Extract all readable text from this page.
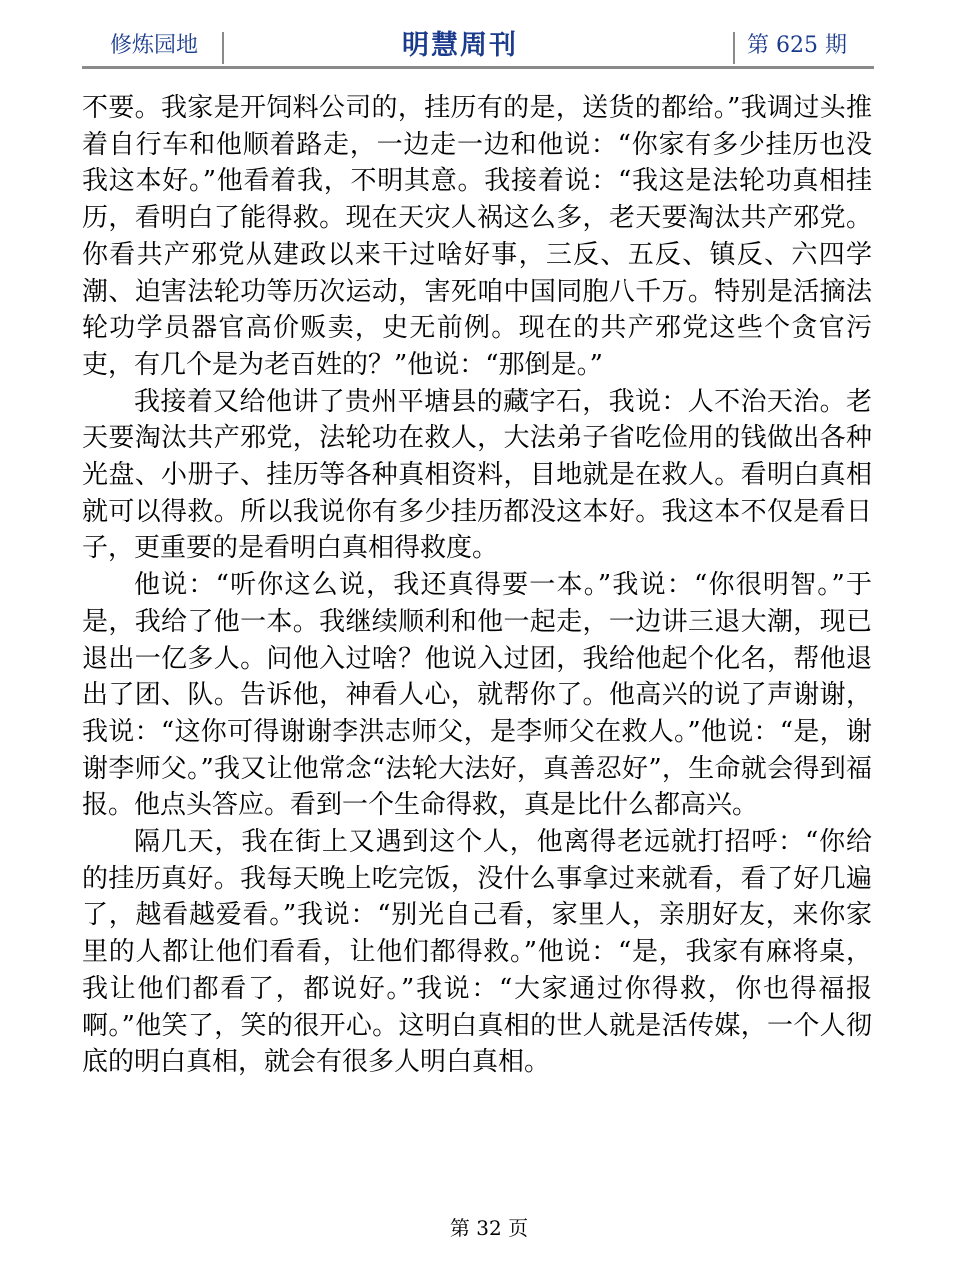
修炼园地	明慧周刊	第 625 期

不要。我家是开饲料公司的，挂历有的是，送货的都给。”我调过头推着自行车和他顺着路走，一边走一边和他说：“你家有多少挂历也没我这本好。”他看着我，不明其意。我接着说：“我这是法轮功真相挂历，看明白了能得救。现在天灾人祸这么多，老天要淘汰共产邪党。你看共产邪党从建政以来干过啥好事，三反、五反、镇反、六四学潮、迫害法轮功等历次运动，害死咱中国同胞八千万。特别是活摘法轮功学员器官高价贩卖，史无前例。现在的共产邪党这些个贪官污吏，有几个是为老百姓的？”他说：“那倒是。”

我接着又给他讲了贵州平塘县的藏字石，我说：人不治天治。老天要淘汰共产邪党，法轮功在救人，大法弟子省吃俭用的钱做出各种光盘、小册子、挂历等各种真相资料，目地就是在救人。看明白真相就可以得救。所以我说你有多少挂历都没这本好。我这本不仅是看日子，更重要的是看明白真相得救度。

他说：“听你这么说，我还真得要一本。”我说：“你很明智。”于是，我给了他一本。我继续顺利和他一起走，一边讲三退大潮，现已退出一亿多人。问他入过啥？他说入过团，我给他起个化名，帮他退出了团、队。告诉他，神看人心，就帮你了。他高兴的说了声谢谢，我说：“这你可得谢谢李洪志师父，是李师父在救人。”他说：“是，谢谢李师父。”我又让他常念“法轮大法好，真善忍好”，生命就会得到福报。他点头答应。看到一个生命得救，真是比什么都高兴。

隔几天，我在街上又遇到这个人，他离得老远就打招呼：“你给的挂历真好。我每天晚上吃完饭，没什么事拿过来就看，看了好几遍了，越看越爱看。”我说：“别光自己看，家里人，亲朋好友，来你家里的人都让他们看看，让他们都得救。”他说：“是，我家有麻将桌，我让他们都看了，都说好。”我说：“大家通过你得救，你也得福报啊。”他笑了，笑的很开心。这明白真相的世人就是活传媒，一个人彻底的明白真相，就会有很多人明白真相。

第 32 页
